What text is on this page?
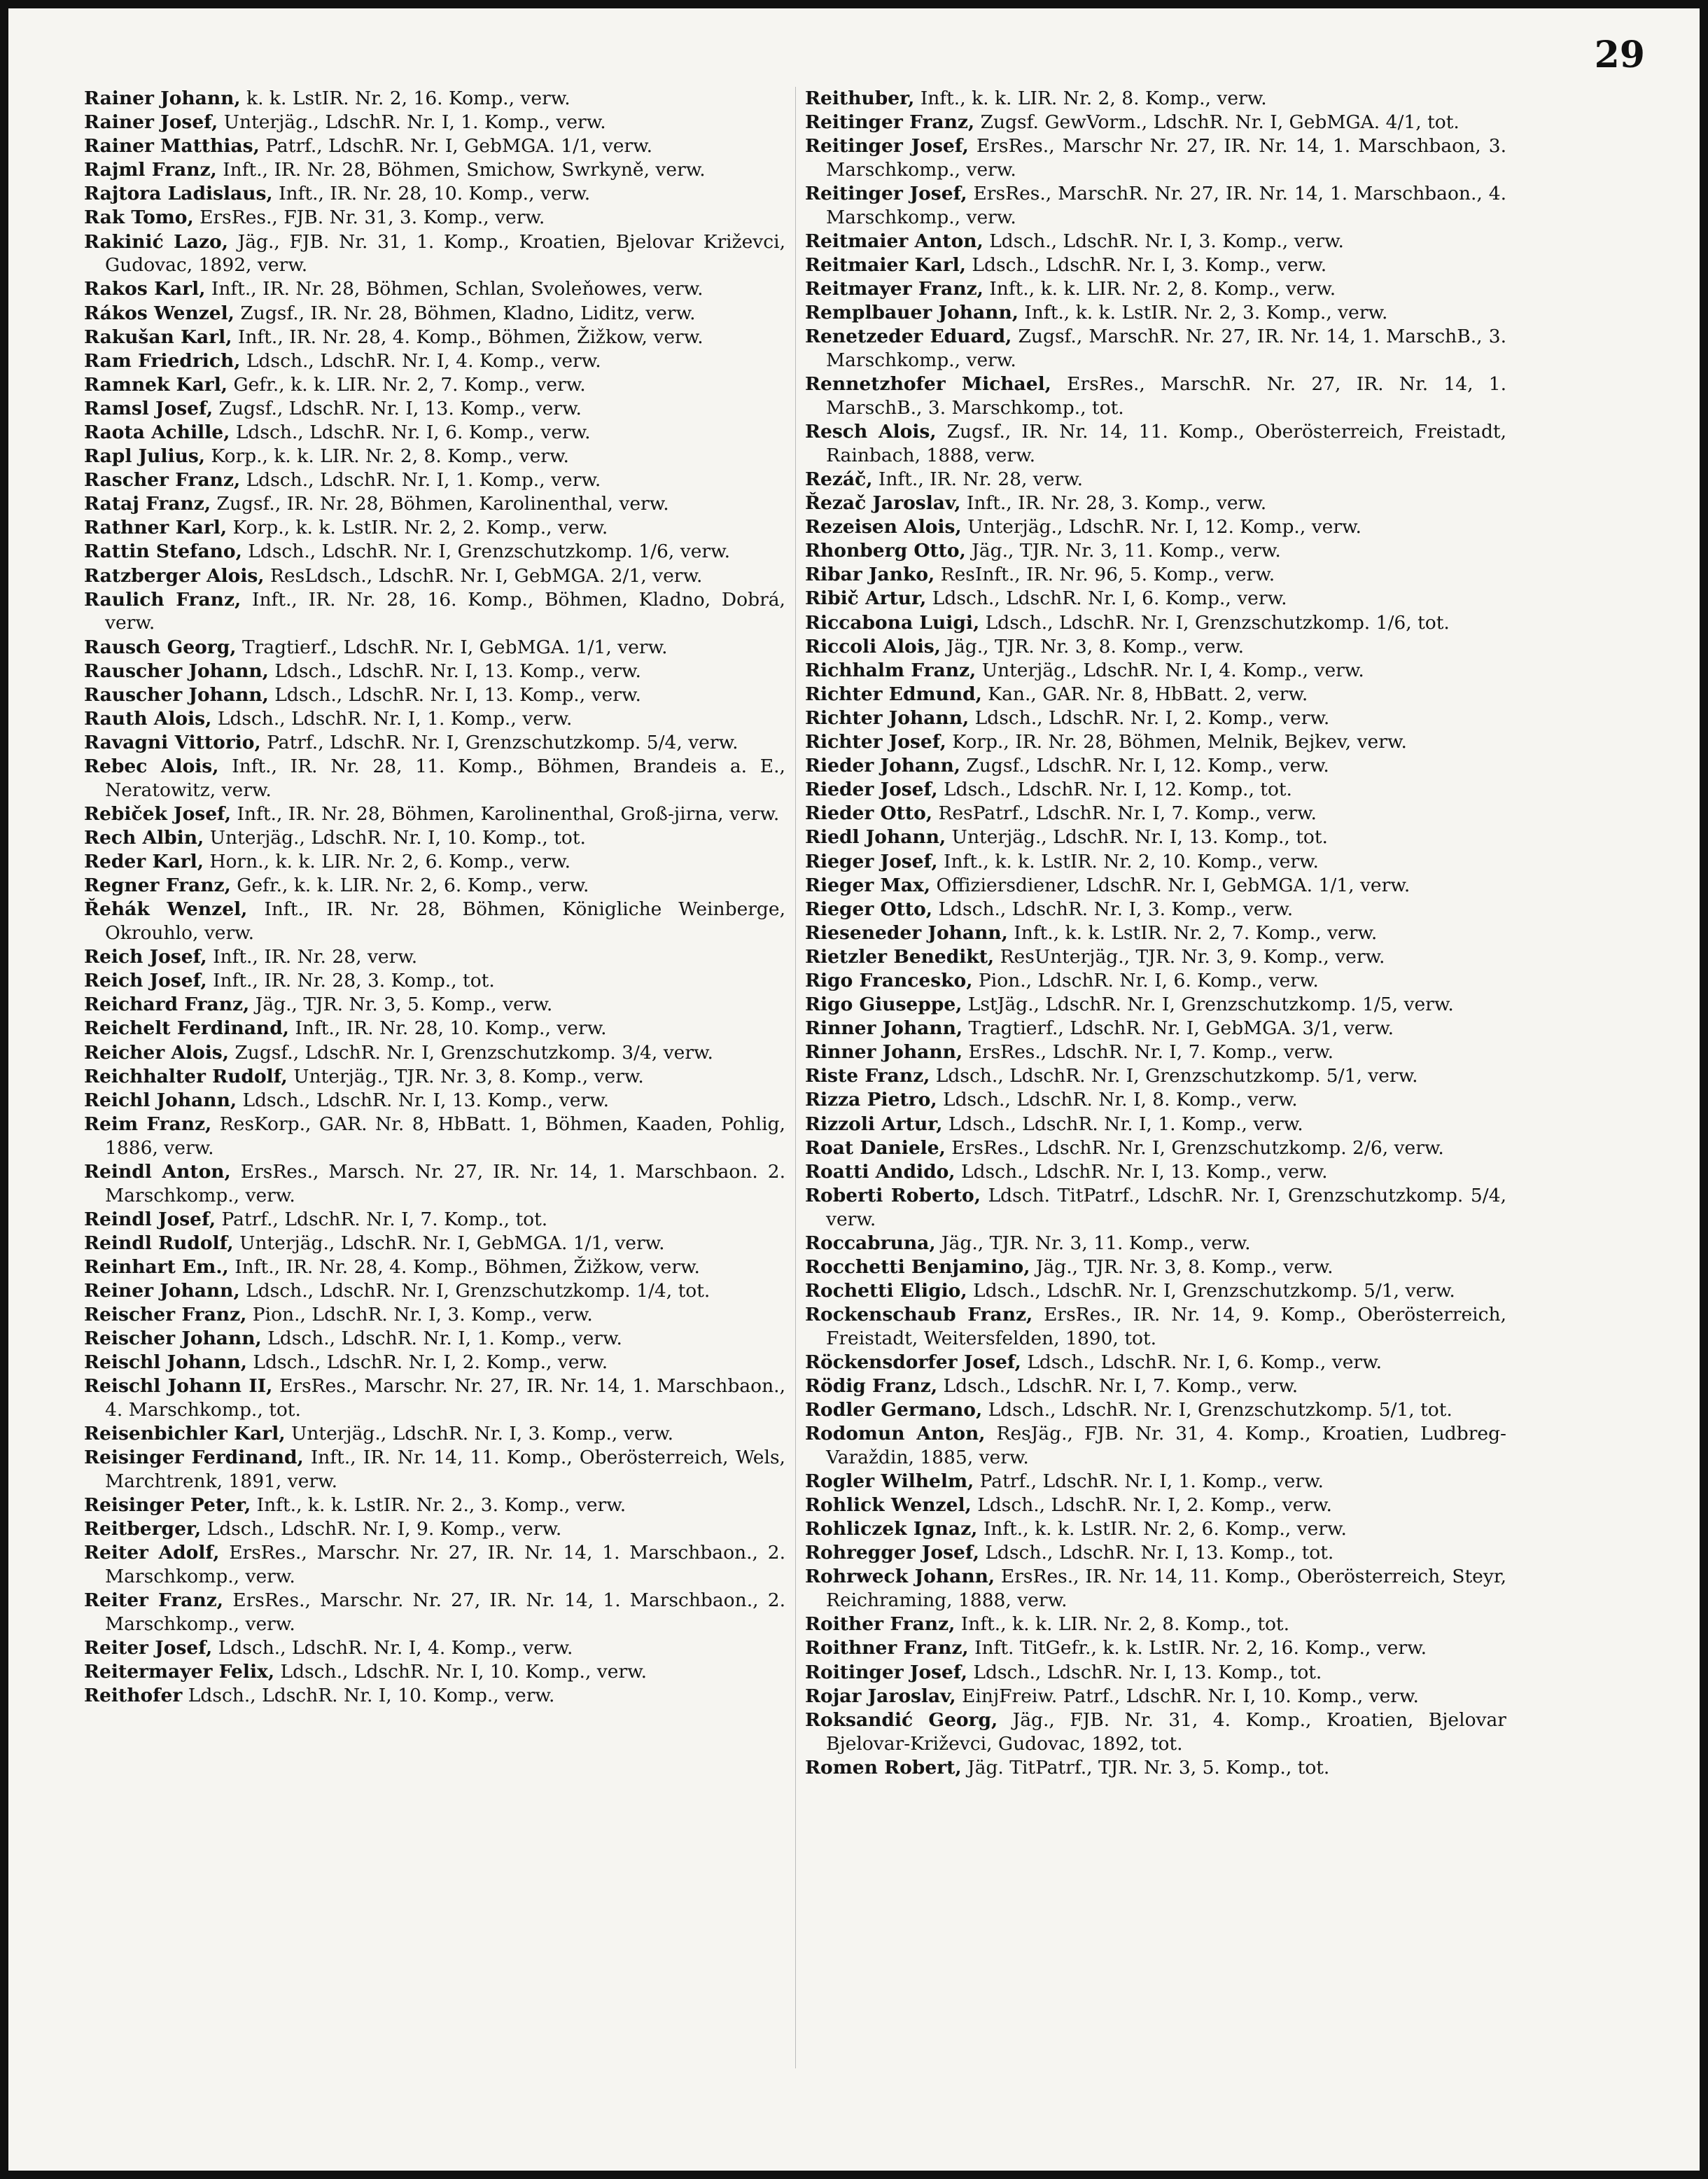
29
Rainer Johann, k. k. LstIR. Nr. 2, 16. Komp., verw.
Rainer Josef, Unterjäg., LdschR. Nr. I, 1. Komp., verw.
Rainer Matthias, Patrf., LdschR. Nr. I, GebMGA. 1/1, verw.
Rajml Franz, Inft., IR. Nr. 28, Böhmen, Smichow, Swrkyně, verw.
Rajtora Ladislaus, Inft., IR. Nr. 28, 10. Komp., verw.
Rak Tomo, ErsRes., FJB. Nr. 31, 3. Komp., verw.
Rakinić Lazo, Jäg., FJB. Nr. 31, 1. Komp., Kroatien, Bjelovar Križevci, Gudovac, 1892, verw.
Rakos Karl, Inft., IR. Nr. 28, Böhmen, Schlan, Svoleňowes, verw.
Rákos Wenzel, Zugsf., IR. Nr. 28, Böhmen, Kladno, Liditz, verw.
Rakušan Karl, Inft., IR. Nr. 28, 4. Komp., Böhmen, Žižkow, verw.
Ram Friedrich, Ldsch., LdschR. Nr. I, 4. Komp., verw.
Ramnek Karl, Gefr., k. k. LIR. Nr. 2, 7. Komp., verw.
Ramsl Josef, Zugsf., LdschR. Nr. I, 13. Komp., verw.
Raota Achille, Ldsch., LdschR. Nr. I, 6. Komp., verw.
Rapl Julius, Korp., k. k. LIR. Nr. 2, 8. Komp., verw.
Rascher Franz, Ldsch., LdschR. Nr. I, 1. Komp., verw.
Rataj Franz, Zugsf., IR. Nr. 28, Böhmen, Karolinenthal, verw.
Rathner Karl, Korp., k. k. LstIR. Nr. 2, 2. Komp., verw.
Rattin Stefano, Ldsch., LdschR. Nr. I, Grenzschutzkomp. 1/6, verw.
Ratzberger Alois, ResLdsch., LdschR. Nr. I, GebMGA. 2/1, verw.
Raulich Franz, Inft., IR. Nr. 28, 16. Komp., Böhmen, Kladno, Dobrá, verw.
Rausch Georg, Tragtierf., LdschR. Nr. I, GebMGA. 1/1, verw.
Rauscher Johann, Ldsch., LdschR. Nr. I, 13. Komp., verw.
Rauscher Johann, Ldsch., LdschR. Nr. I, 13. Komp., verw.
Rauth Alois, Ldsch., LdschR. Nr. I, 1. Komp., verw.
Ravagni Vittorio, Patrf., LdschR. Nr. I, Grenzschutzkomp. 5/4, verw.
Rebec Alois, Inft., IR. Nr. 28, 11. Komp., Böhmen, Brandeis a. E., Neratowitz, verw.
Rebiček Josef, Inft., IR. Nr. 28, Böhmen, Karolinenthal, Groß-jirna, verw.
Rech Albin, Unterjäg., LdschR. Nr. I, 10. Komp., tot.
Reder Karl, Horn., k. k. LIR. Nr. 2, 6. Komp., verw.
Regner Franz, Gefr., k. k. LIR. Nr. 2, 6. Komp., verw.
Řehák Wenzel, Inft., IR. Nr. 28, Böhmen, Königliche Weinberge, Okrouhlo, verw.
Reich Josef, Inft., IR. Nr. 28, verw.
Reich Josef, Inft., IR. Nr. 28, 3. Komp., tot.
Reichard Franz, Jäg., TJR. Nr. 3, 5. Komp., verw.
Reichelt Ferdinand, Inft., IR. Nr. 28, 10. Komp., verw.
Reicher Alois, Zugsf., LdschR. Nr. I, Grenzschutzkomp. 3/4, verw.
Reichhalter Rudolf, Unterjäg., TJR. Nr. 3, 8. Komp., verw.
Reichl Johann, Ldsch., LdschR. Nr. I, 13. Komp., verw.
Reim Franz, ResKorp., GAR. Nr. 8, HbBatt. 1, Böhmen, Kaaden, Pohlig, 1886, verw.
Reindl Anton, ErsRes., Marsch. Nr. 27, IR. Nr. 14, 1. Marschbaon. 2. Marschkomp., verw.
Reindl Josef, Patrf., LdschR. Nr. I, 7. Komp., tot.
Reindl Rudolf, Unterjäg., LdschR. Nr. I, GebMGA. 1/1, verw.
Reinhart Em., Inft., IR. Nr. 28, 4. Komp., Böhmen, Žižkow, verw.
Reiner Johann, Ldsch., LdschR. Nr. I, Grenzschutzkomp. 1/4, tot.
Reischer Franz, Pion., LdschR. Nr. I, 3. Komp., verw.
Reischer Johann, Ldsch., LdschR. Nr. I, 1. Komp., verw.
Reischl Johann, Ldsch., LdschR. Nr. I, 2. Komp., verw.
Reischl Johann II, ErsRes., Marschr. Nr. 27, IR. Nr. 14, 1. Marschbaon., 4. Marschkomp., tot.
Reisenbichler Karl, Unterjäg., LdschR. Nr. I, 3. Komp., verw.
Reisinger Ferdinand, Inft., IR. Nr. 14, 11. Komp., Oberösterreich, Wels, Marchtrenk, 1891, verw.
Reisinger Peter, Inft., k. k. LstIR. Nr. 2., 3. Komp., verw.
Reitberger, Ldsch., LdschR. Nr. I, 9. Komp., verw.
Reiter Adolf, ErsRes., Marschr. Nr. 27, IR. Nr. 14, 1. Marschbaon., 2. Marschkomp., verw.
Reiter Franz, ErsRes., Marschr. Nr. 27, IR. Nr. 14, 1. Marschbaon., 2. Marschkomp., verw.
Reiter Josef, Ldsch., LdschR. Nr. I, 4. Komp., verw.
Reitermayer Felix, Ldsch., LdschR. Nr. I, 10. Komp., verw.
Reithofer Ldsch., LdschR. Nr. I, 10. Komp., verw.
Reithuber, Inft., k. k. LIR. Nr. 2, 8. Komp., verw.
Reitinger Franz, Zugsf. GewVorm., LdschR. Nr. I, GebMGA. 4/1, tot.
Reitinger Josef, ErsRes., Marschr Nr. 27, IR. Nr. 14, 1. Marschbaon, 3. Marschkomp., verw.
Reitinger Josef, ErsRes., MarschR. Nr. 27, IR. Nr. 14, 1. Marschbaon., 4. Marschkomp., verw.
Reitmaier Anton, Ldsch., LdschR. Nr. I, 3. Komp., verw.
Reitmaier Karl, Ldsch., LdschR. Nr. I, 3. Komp., verw.
Reitmayer Franz, Inft., k. k. LIR. Nr. 2, 8. Komp., verw.
Remplbauer Johann, Inft., k. k. LstIR. Nr. 2, 3. Komp., verw.
Renetzeder Eduard, Zugsf., MarschR. Nr. 27, IR. Nr. 14, 1. MarschB., 3. Marschkomp., verw.
Rennetzhofer Michael, ErsRes., MarschR. Nr. 27, IR. Nr. 14, 1. MarschB., 3. Marschkomp., tot.
Resch Alois, Zugsf., IR. Nr. 14, 11. Komp., Oberösterreich, Freistadt, Rainbach, 1888, verw.
Rezáč, Inft., IR. Nr. 28, verw.
Řezač Jaroslav, Inft., IR. Nr. 28, 3. Komp., verw.
Rezeisen Alois, Unterjäg., LdschR. Nr. I, 12. Komp., verw.
Rhonberg Otto, Jäg., TJR. Nr. 3, 11. Komp., verw.
Ribar Janko, ResInft., IR. Nr. 96, 5. Komp., verw.
Ribič Artur, Ldsch., LdschR. Nr. I, 6. Komp., verw.
Riccabona Luigi, Ldsch., LdschR. Nr. I, Grenzschutzkomp. 1/6, tot.
Riccoli Alois, Jäg., TJR. Nr. 3, 8. Komp., verw.
Richhalm Franz, Unterjäg., LdschR. Nr. I, 4. Komp., verw.
Richter Edmund, Kan., GAR. Nr. 8, HbBatt. 2, verw.
Richter Johann, Ldsch., LdschR. Nr. I, 2. Komp., verw.
Richter Josef, Korp., IR. Nr. 28, Böhmen, Melnik, Bejkev, verw.
Rieder Johann, Zugsf., LdschR. Nr. I, 12. Komp., verw.
Rieder Josef, Ldsch., LdschR. Nr. I, 12. Komp., tot.
Rieder Otto, ResPatrf., LdschR. Nr. I, 7. Komp., verw.
Riedl Johann, Unterjäg., LdschR. Nr. I, 13. Komp., tot.
Rieger Josef, Inft., k. k. LstIR. Nr. 2, 10. Komp., verw.
Rieger Max, Offiziersdiener, LdschR. Nr. I, GebMGA. 1/1, verw.
Rieger Otto, Ldsch., LdschR. Nr. I, 3. Komp., verw.
Riesenеder Johann, Inft., k. k. LstIR. Nr. 2, 7. Komp., verw.
Rietzler Benedikt, ResUnterjäg., TJR. Nr. 3, 9. Komp., verw.
Rigo Francesko, Pion., LdschR. Nr. I, 6. Komp., verw.
Rigo Giuseppe, LstJäg., LdschR. Nr. I, Grenzschutzkomp. 1/5, verw.
Rinner Johann, Tragtierf., LdschR. Nr. I, GebMGA. 3/1, verw.
Rinner Johann, ErsRes., LdschR. Nr. I, 7. Komp., verw.
Riste Franz, Ldsch., LdschR. Nr. I, Grenzschutzkomp. 5/1, verw.
Rizza Pietro, Ldsch., LdschR. Nr. I, 8. Komp., verw.
Rizzoli Artur, Ldsch., LdschR. Nr. I, 1. Komp., verw.
Roat Daniele, ErsRes., LdschR. Nr. I, Grenzschutzkomp. 2/6, verw.
Roatti Andido, Ldsch., LdschR. Nr. I, 13. Komp., verw.
Roberti Roberto, Ldsch. TitPatrf., LdschR. Nr. I, Grenzschutzkomp. 5/4, verw.
Roccabruna, Jäg., TJR. Nr. 3, 11. Komp., verw.
Rocchetti Benjamino, Jäg., TJR. Nr. 3, 8. Komp., verw.
Rochetti Eligio, Ldsch., LdschR. Nr. I, Grenzschutzkomp. 5/1, verw.
Rockenschaub Franz, ErsRes., IR. Nr. 14, 9. Komp., Oberösterreich, Freistadt, Weitersfelden, 1890, tot.
Röckensdorfer Josef, Ldsch., LdschR. Nr. I, 6. Komp., verw.
Rödig Franz, Ldsch., LdschR. Nr. I, 7. Komp., verw.
Rodler Germano, Ldsch., LdschR. Nr. I, Grenzschutzkomp. 5/1, tot.
Rodomun Anton, ResJäg., FJB. Nr. 31, 4. Komp., Kroatien, Ludbreg-Varaždin, 1885, verw.
Rogler Wilhelm, Patrf., LdschR. Nr. I, 1. Komp., verw.
Rohlick Wenzel, Ldsch., LdschR. Nr. I, 2. Komp., verw.
Rohliczek Ignaz, Inft., k. k. LstIR. Nr. 2, 6. Komp., verw.
Rohregger Josef, Ldsch., LdschR. Nr. I, 13. Komp., tot.
Rohrweck Johann, ErsRes., IR. Nr. 14, 11. Komp., Oberösterreich, Steyr, Reichraming, 1888, verw.
Roither Franz, Inft., k. k. LIR. Nr. 2, 8. Komp., tot.
Roithner Franz, Inft. TitGefr., k. k. LstIR. Nr. 2, 16. Komp., verw.
Roitinger Josef, Ldsch., LdschR. Nr. I, 13. Komp., tot.
Rojar Jaroslav, EinjFreiw. Patrf., LdschR. Nr. I, 10. Komp., verw.
Roksandić Georg, Jäg., FJB. Nr. 31, 4. Komp., Kroatien, Bjelovar Bjelovar-Križevci, Gudovac, 1892, tot.
Romen Robert, Jäg. TitPatrf., TJR. Nr. 3, 5. Komp., tot.
